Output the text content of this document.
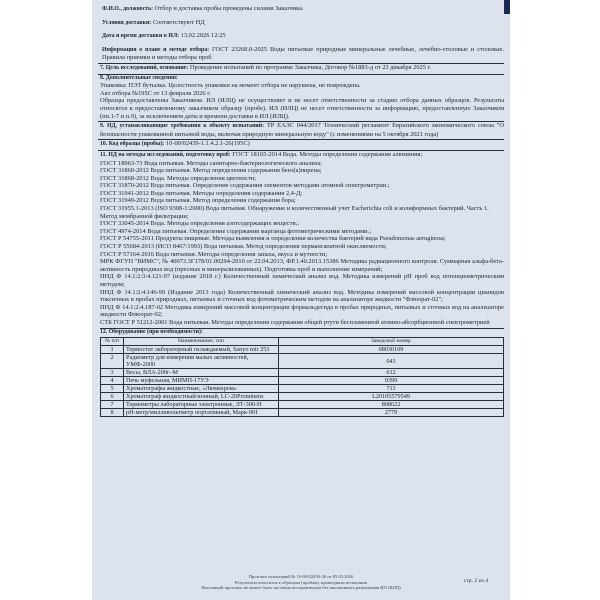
Ф.И.О., должность: Отбор и доставка пробы проведены силами Заказчика.
Условия доставки: Соответствуют НД
Дата и время доставки в ИЛ: 13.02.2026 12:25
Информация о плане и методе отбора: ГОСТ 23268.0-2025 Воды питьевые природные минеральные лечебные, лечебно-столовые и столовые. Правила приемки и методы отбора проб
7. Цель исследований, основание: Проведение испытаний по программе Заказчика, Договор №1883-д от 23 декабря 2025 г.
8. Дополнительные сведения:
Упаковка: ПЭТ бутылка. Целостность упаковки на момент отбора не нарушена, не повреждена.
Акт отбора №195С от 13 февраля 2026 г.
Образцы предоставлены Заказчиком. ИЛ (ИЛЦ) не осуществляет и не несет ответственности за стадию отбора данных образцов. Результаты относятся к предоставленному заказчиком образцу (пробе). ИЛ (ИЛЦ) не несет ответственности за информацию, предоставленную Заказчиком (пп.1-7 и п.9), за исключением даты и времени доставки в ИЛ (ИЛЦ).
9. НД, устанавливающие требования к объекту испытаний: ТР ЕАЭС 044/2017 Технический регламент Евразийского экономического союза "О безопасности упакованной питьевой воды, включая природную минеральную воду" (с изменениями на 5 октября 2021 года)
10. Код образца (пробы): 10-00/02439-1.1.4.2.1-26(195С)
11. НД на методы исследований, подготовку проб: ГОСТ 18165-2014 Вода. Методы определения содержания алюминия;
ГОСТ 18963-73 Вода питьевая. Методы санитарно-бактериологического анализа;
ГОСТ 31860-2012 Вода питьевая. Метод определения содержания бенз(а)пирена;
ГОСТ 31868-2012 Вода. Методы определения цветности;
ГОСТ 31870-2012 Вода питьевая. Определение содержания элементов методами атомной спектрометрии.;
ГОСТ 31941-2012 Вода питьевая. Методы определения содержания 2,4-Д;
ГОСТ 31949-2012 Вода питьевая. Метод определения содержания бора;
ГОСТ 31955.1-2013 (ISO 9308-1:2000) Вода питьевая. Обнаружение и количественный учет Escherichia coli и колиформных бактерий. Часть 1. Метод мембранной фильтрации;
ГОСТ 33045-2014 Вода. Методы определения азотсодержащих веществ.;
ГОСТ 4974-2014 Вода питьевая. Определение содержания марганца фотометрическими методами.;
ГОСТ Р 54755-2011 Продукты пищевые. Методы выявления и определения количества бактерий вида Pseudomonas aeruginosa;
ГОСТ Р 55684-2013 (ИСО 8467:1993) Вода питьевая. Метод определения перманганатной окисляемости;
ГОСТ Р 57164-2016 Вода питьевая. Методы определения запаха, вкуса и мутности;
МРК ФГУП "ВИМС", № 40073.3Г178/01.00294-2010 от 22.04.2013, ФР.1.40.2013.15386 Методика радиационного контроля. Суммарная альфа-бета-активность природных вод (пресных и минерализованных). Подготовка проб и выполнение измерений;
ПНД Ф 14.1:2:3:4.121-97 (издание 2018 г.) Количественный химический анализ вод. Методика измерений рН проб вод потенциометрическим методом;
ПНД Ф 14.1:2:4.146-99 (Издание 2013 года) Количественный химический анализ вод. Методика измерений массовой концентрации цианидов токсичных в пробах природных, питьевых и сточных вод фотометрическим методом на анализаторе жидкости "Флюорат-02";
ПНД Ф 14.1:2:4.187-02 Методика измерений массовой концентрации формальдегида в пробах природных, питьевых и сточных вод на анализаторе жидкости Флюорат-02;
СТБ ГОСТ Р 51212-2001 Вода питьевая. Методы определения содержания общей ртути беспламенной атомно-абсорбционной спектрометрией
12. Оборудование (при необходимости):
№ п/п	Наименование, тип	Заводской номер
1	Термостат лабораторный охлаждаемый, Sanyo mir 253	08030109
2	Радиометр для измерения малых активностей, УМФ-2000	043
3	Весы, ВЛА-200г–М	612
4	Печь муфельная, МИМП-17УЭ	0399
5	Хроматографы жидкостные, «Люмахром»	713
6	Хроматограф жидкостный/ионный, LC-20Prominens	L20105579549
7	Термометры лабораторные электронные, ЛТ-300-Н	808622
8	рН-метр/милливольтметр портативный, Марк-901	2779
Протокол испытаний № 10-00/02439-26 от 05.03.2026
Результаты относятся к образцам (пробам), прошедшим испытания
Настоящий протокол не может быть частично воспроизведен без письменного разрешения ИЛ (ИЛЦ)
стр. 2 из 4
